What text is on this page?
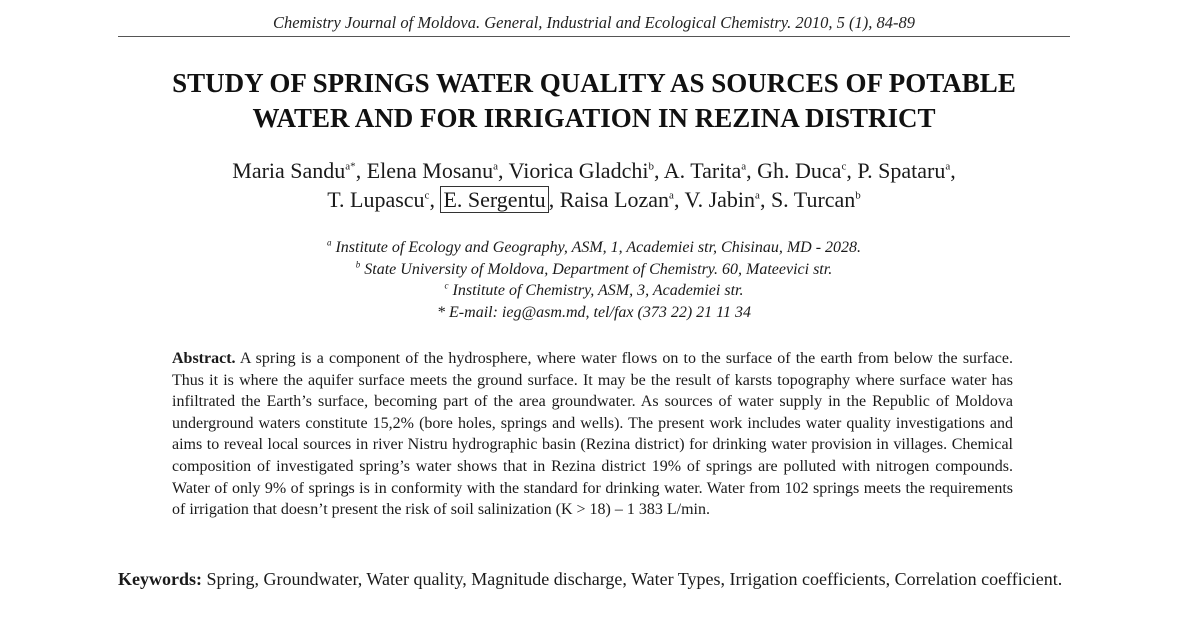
Chemistry Journal of Moldova. General, Industrial and Ecological Chemistry. 2010, 5 (1), 84-89
STUDY OF SPRINGS WATER QUALITY AS SOURCES OF POTABLE
WATER AND FOR IRRIGATION IN REZINA DISTRICT
Maria Sandu$^{a*}$, Elena Mosanu$^a$, Viorica Gladchi$^b$, A. Tarita$^a$, Gh. Duca$^c$, P. Spataru$^a$,
T. Lupascu$^c$, E. Sergentu , Raisa Lozan$^a$, V. Jabin$^a$, S. Turcan$^b$
$^a$ Institute of Ecology and Geography, ASM, 1, Academiei str, Chisinau, MD - 2028.
$^b$ State University of Moldova, Department of Chemistry. 60, Mateevici str.
$^c$ Institute of Chemistry, ASM, 3, Academiei str.
* E-mail: ieg@asm.md, tel/fax (373 22) 21 11 34

Abstract. A spring is a component of the hydrosphere, where water flows on to the surface of the earth from below the surface. Thus it is where the aquifer surface meets the ground surface. It may be the result of karsts topography where surface water has infiltrated the Earth’s surface, becoming part of the area groundwater. As sources of water supply in the Republic of Moldova underground waters constitute 15,2% (bore holes, springs and wells). The present work includes water quality investigations and aims to reveal local sources in river Nistru hydrographic basin (Rezina district) for drinking water provision in villages. Chemical composition of investigated spring’s water shows that in Rezina district 19% of springs are polluted with nitrogen compounds. Water of only 9% of springs is in conformity with the standard for drinking water. Water from 102 springs meets the requirements of irrigation that doesn’t present the risk of soil salinization (K > 18) – 1 383 L/min.

Keywords: Spring, Groundwater, Water quality, Magnitude discharge, Water Types, Irrigation coefficients, Correlation coefficient.
